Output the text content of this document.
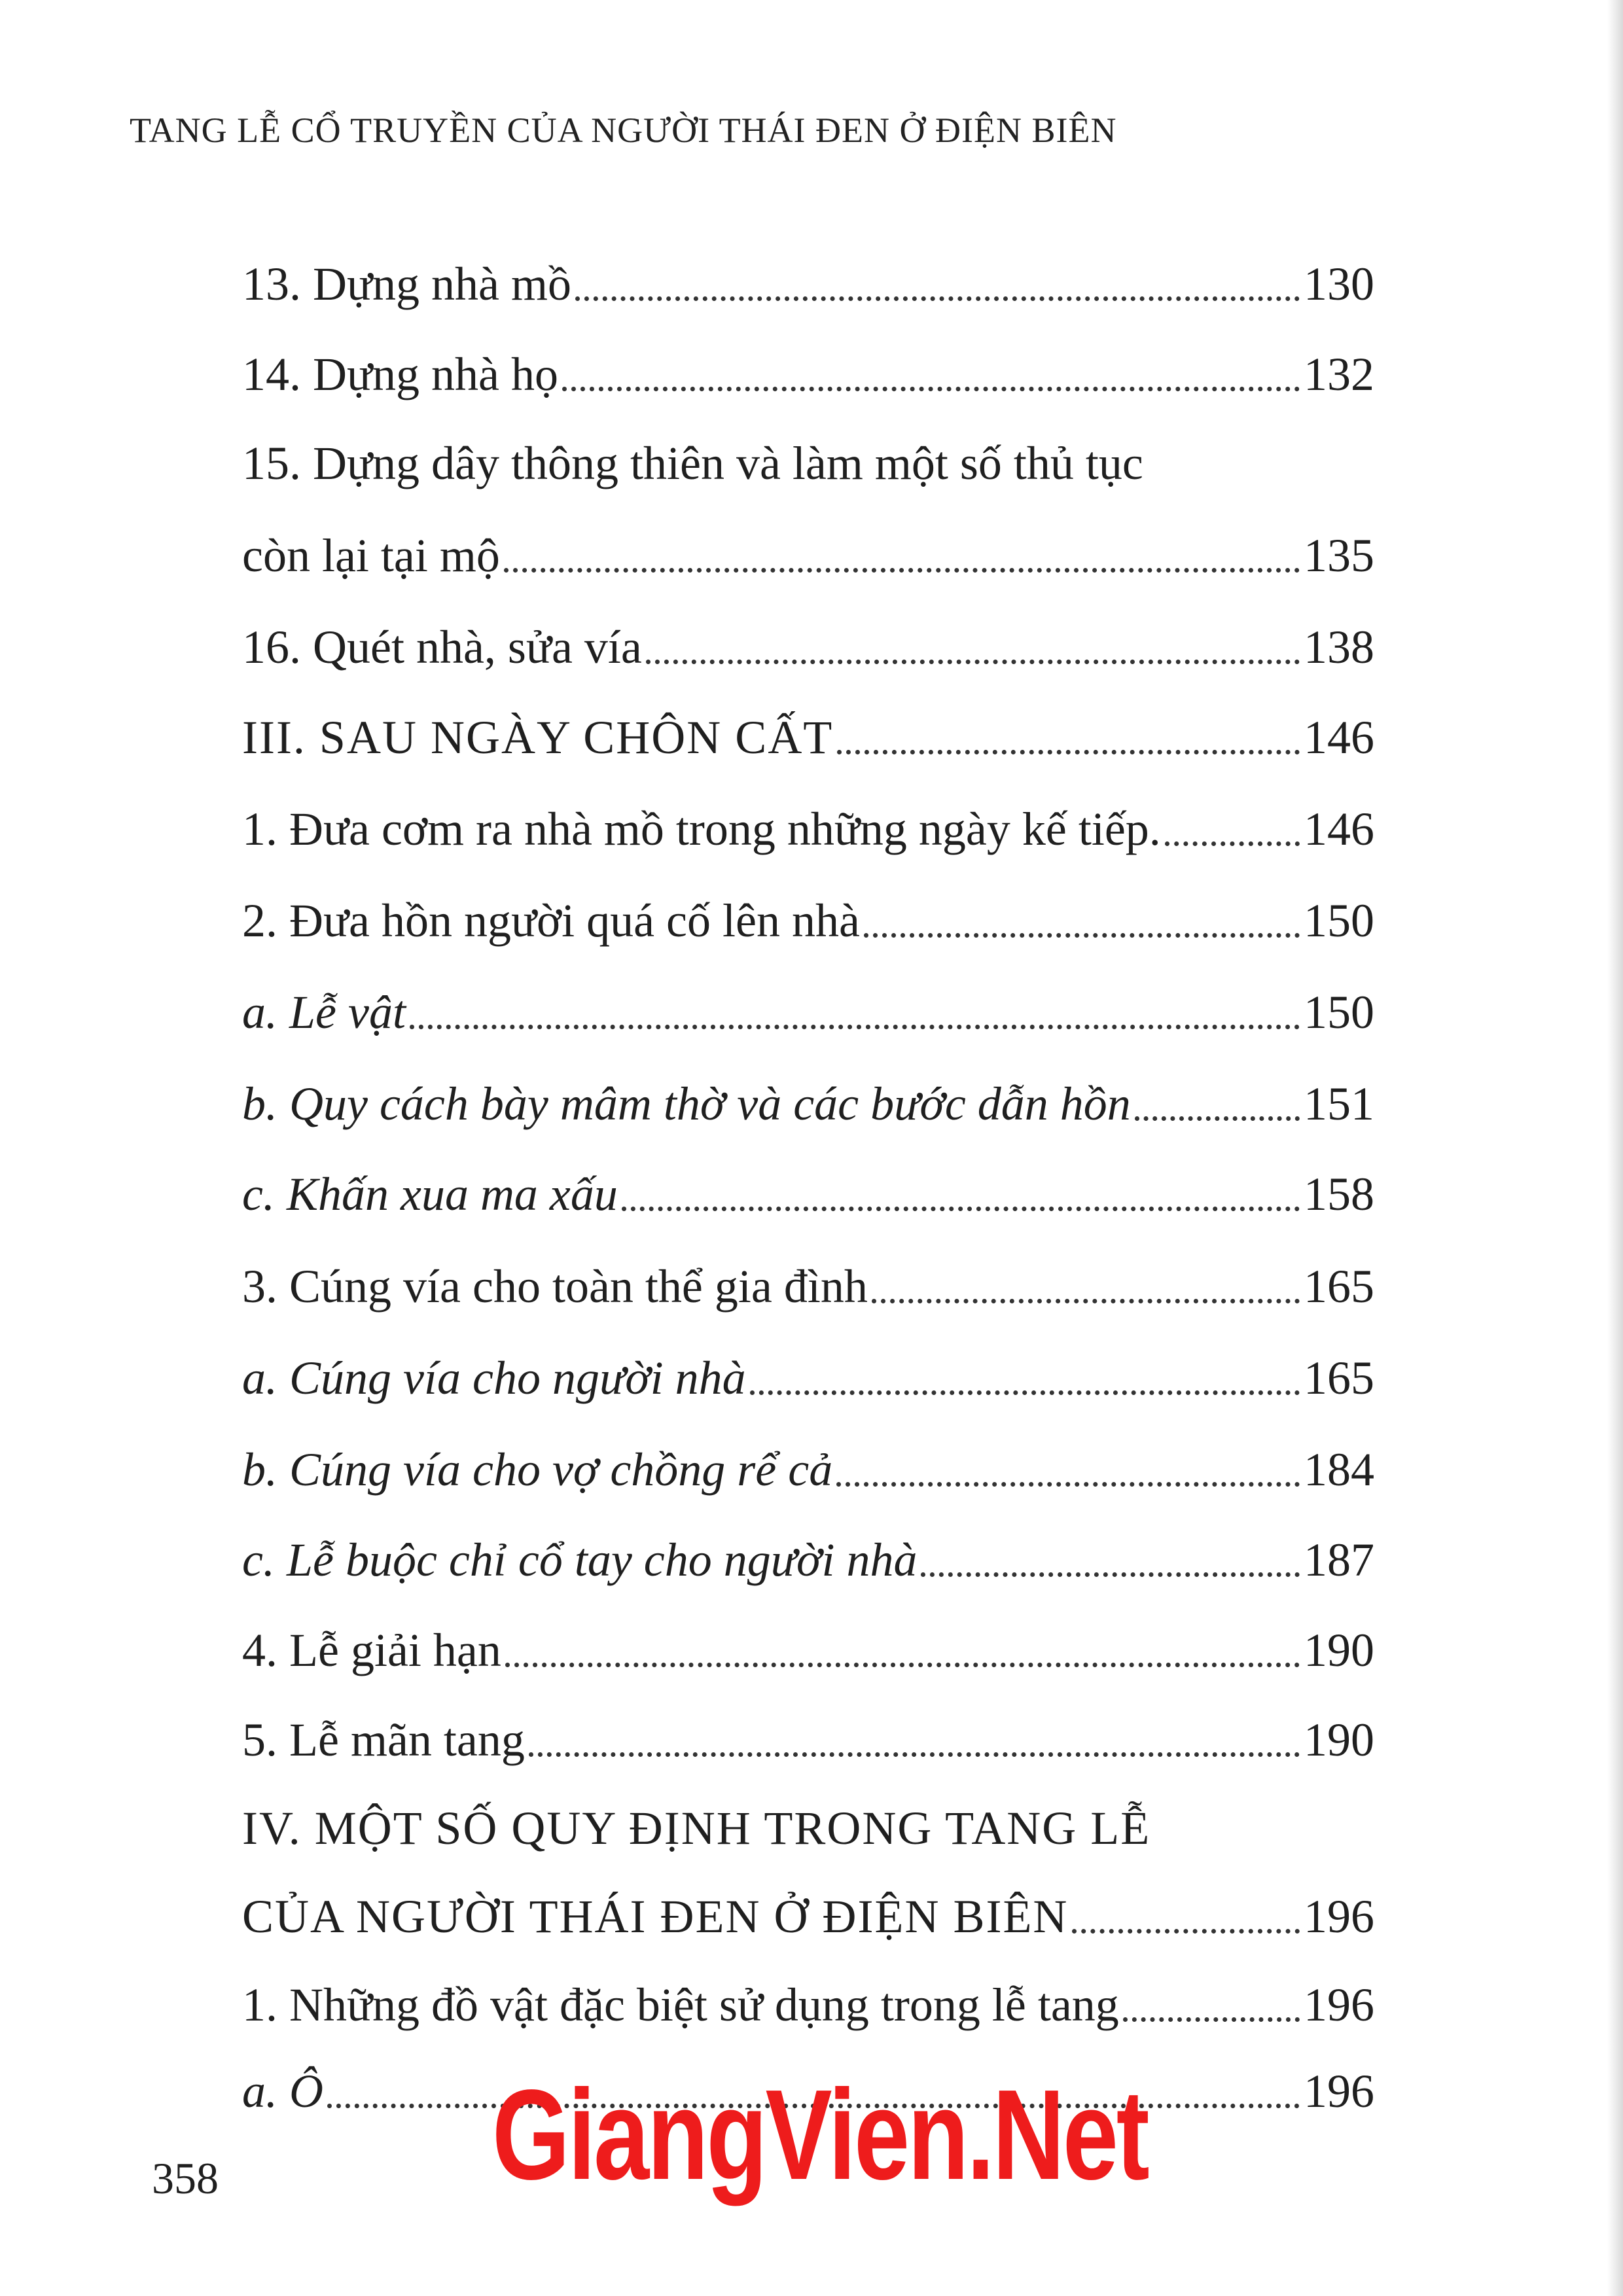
TANG LỄ CỔ TRUYỀN CỦA NGƯỜI THÁI ĐEN Ở ĐIỆN BIÊN
13. Dựng nhà mồ	130
14. Dựng nhà họ	132
15. Dựng dây thông thiên và làm một số thủ tục
còn lại tại mộ	135
16. Quét nhà, sửa vía	138
III. SAU NGÀY CHÔN CẤT	146
1. Đưa cơm ra nhà mồ trong những ngày kế tiếp.	146
2. Đưa hồn người quá cố lên nhà	150
a. Lễ vật	150
b. Quy cách bày mâm thờ và các bước dẫn hồn	151
c. Khấn xua ma xấu	158
3. Cúng vía cho toàn thể gia đình	165
a. Cúng vía cho người nhà	165
b. Cúng vía cho vợ chồng rể cả	184
c. Lễ buộc chỉ cổ tay cho người nhà	187
4. Lễ giải hạn	190
5. Lễ mãn tang	190
IV. MỘT SỐ QUY ĐỊNH TRONG TANG LỄ
CỦA NGƯỜI THÁI ĐEN Ở ĐIỆN BIÊN	196
1. Những đồ vật đặc biệt sử dụng trong lễ tang	196
a. Ô	196
358 GiangVien.Net
